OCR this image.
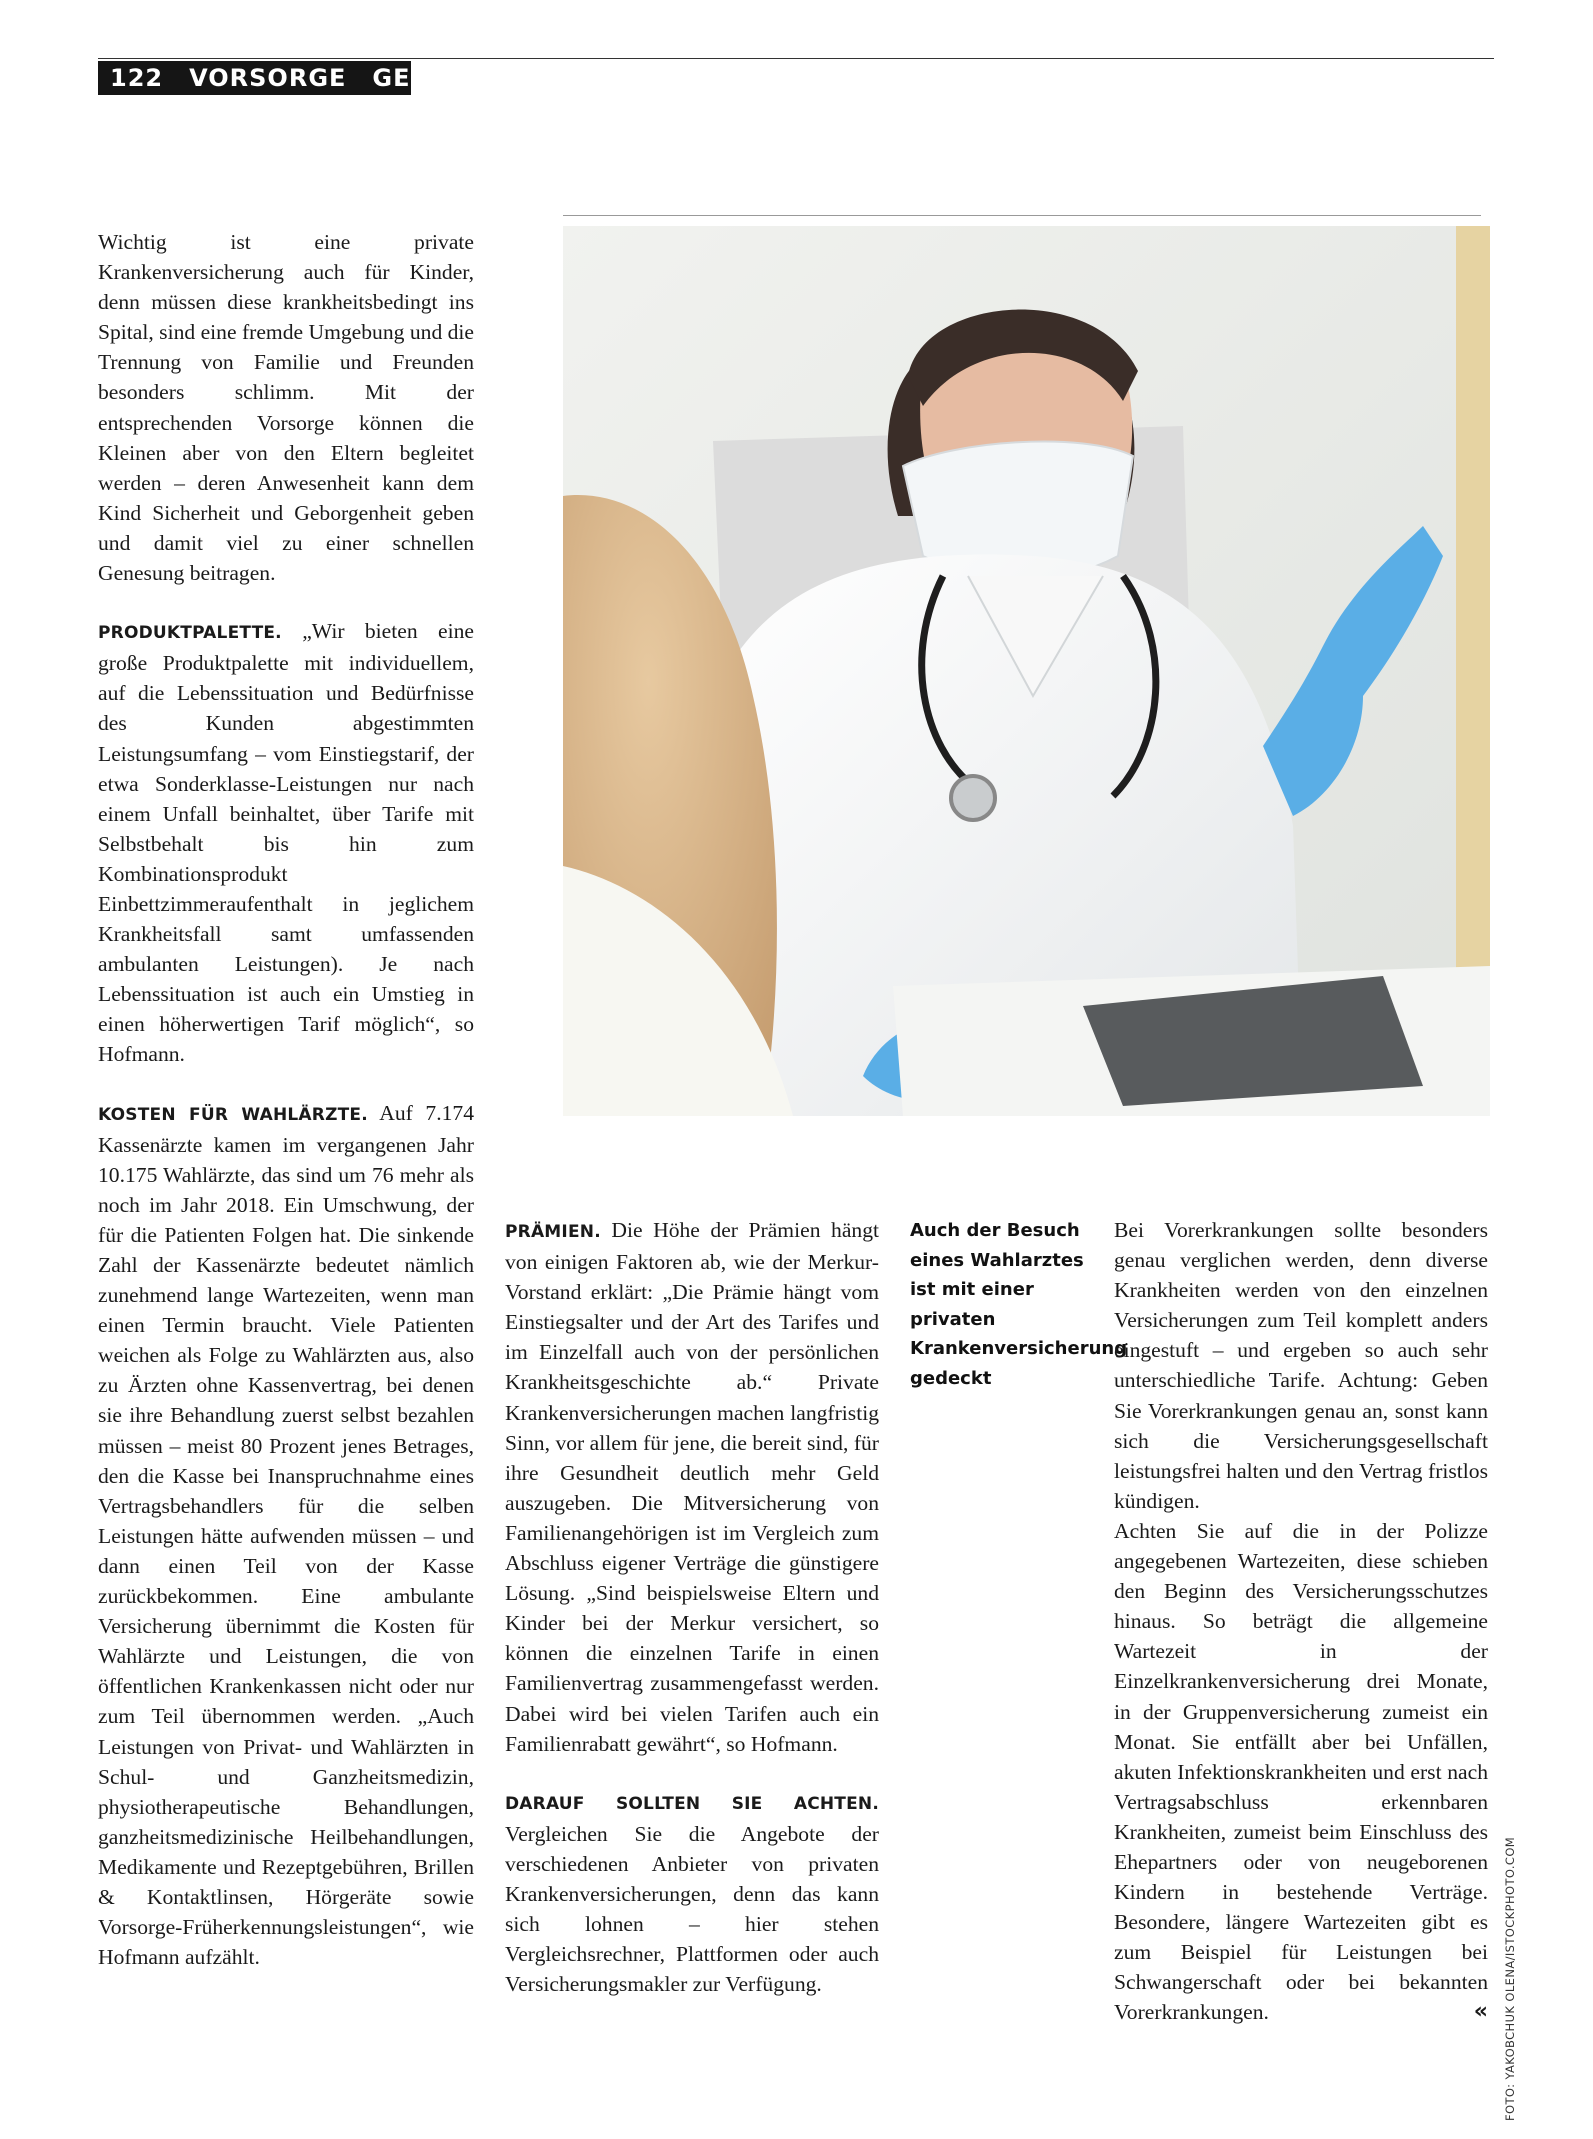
122	VORSORGE	GELD

Wichtig ist eine private Krankenversicherung auch für Kinder, denn müssen diese krankheitsbedingt ins Spital, sind eine fremde Umgebung und die Trennung von Familie und Freunden besonders schlimm. Mit der entsprechenden Vorsorge können die Kleinen aber von den Eltern begleitet werden – deren Anwesenheit kann dem Kind Sicherheit und Geborgenheit geben und damit viel zu einer schnellen Genesung beitragen.

PRODUKTPALETTE. „Wir bieten eine große Produktpalette mit individuellem, auf die Lebenssituation und Bedürfnisse des Kunden abgestimmten Leistungsumfang – vom Einstiegstarif, der etwa Sonderklasse-Leistungen nur nach einem Unfall beinhaltet, über Tarife mit Selbstbehalt bis hin zum Kombinationsprodukt Einbettzimmeraufenthalt in jeglichem Krankheitsfall samt umfassenden ambulanten Leistungen). Je nach Lebenssituation ist auch ein Umstieg in einen höherwertigen Tarif möglich“, so Hofmann.

KOSTEN FÜR WAHLÄRZTE. Auf 7.174 Kassenärzte kamen im vergangenen Jahr 10.175 Wahlärzte, das sind um 76 mehr als noch im Jahr 2018. Ein Umschwung, der für die Patienten Folgen hat. Die sinkende Zahl der Kassenärzte bedeutet nämlich zunehmend lange Wartezeiten, wenn man einen Termin braucht. Viele Patienten weichen als Folge zu Wahlärzten aus, also zu Ärzten ohne Kassenvertrag, bei denen sie ihre Behandlung zuerst selbst bezahlen müssen – meist 80 Prozent jenes Betrages, den die Kasse bei Inanspruchnahme eines Vertragsbehandlers für die selben Leistungen hätte aufwenden müssen – und dann einen Teil von der Kasse zurückbekommen. Eine ambulante Versicherung übernimmt die Kosten für Wahlärzte und Leistungen, die von öffentlichen Krankenkassen nicht oder nur zum Teil übernommen werden. „Auch Leistungen von Privat- und Wahlärzten in Schul- und Ganzheitsmedizin, physiotherapeutische Behandlungen, ganzheitsmedizinische Heilbehandlungen, Medikamente und Rezeptgebühren, Brillen & Kontaktlinsen, Hörgeräte sowie Vorsorge-Früherkennungsleistungen“, wie Hofmann aufzählt.

PRÄMIEN. Die Höhe der Prämien hängt von einigen Faktoren ab, wie der Merkur-Vorstand erklärt: „Die Prämie hängt vom Einstiegsalter und der Art des Tarifes und im Einzelfall auch von der persönlichen Krankheitsgeschichte ab.“ Private Krankenversicherungen machen langfristig Sinn, vor allem für jene, die bereit sind, für ihre Gesundheit deutlich mehr Geld auszugeben. Die Mitversicherung von Familienangehörigen ist im Vergleich zum Abschluss eigener Verträge die günstigere Lösung. „Sind beispielsweise Eltern und Kinder bei der Merkur versichert, so können die einzelnen Tarife in einen Familienvertrag zusammengefasst werden. Dabei wird bei vielen Tarifen auch ein Familienrabatt gewährt“, so Hofmann.

DARAUF SOLLTEN SIE ACHTEN. Vergleichen Sie die Angebote der verschiedenen Anbieter von privaten Krankenversicherungen, denn das kann sich lohnen – hier stehen Vergleichsrechner, Plattformen oder auch Versicherungsmakler zur Verfügung.

Auch der Besuch eines Wahlarztes ist mit einer privaten Krankenversicherung gedeckt

Bei Vorerkrankungen sollte besonders genau verglichen werden, denn diverse Krankheiten werden von den einzelnen Versicherungen zum Teil komplett anders eingestuft – und ergeben so auch sehr unterschiedliche Tarife. Achtung: Geben Sie Vorerkrankungen genau an, sonst kann sich die Versicherungsgesellschaft leistungsfrei halten und den Vertrag fristlos kündigen.

Achten Sie auf die in der Polizze angegebenen Wartezeiten, diese schieben den Beginn des Versicherungsschutzes hinaus. So beträgt die allgemeine Wartezeit in der Einzelkrankenversicherung drei Monate, in der Gruppenversicherung zumeist ein Monat. Sie entfällt aber bei Unfällen, akuten Infektionskrankheiten und erst nach Vertragsabschluss erkennbaren Krankheiten, zumeist beim Einschluss des Ehepartners oder von neugeborenen Kindern in bestehende Verträge. Besondere, längere Wartezeiten gibt es zum Beispiel für Leistungen bei Schwangerschaft oder bei bekannten Vorerkrankungen.	« FOTO: YAKOBCHUK OLENA/ISTOCKPHOTO.COM
